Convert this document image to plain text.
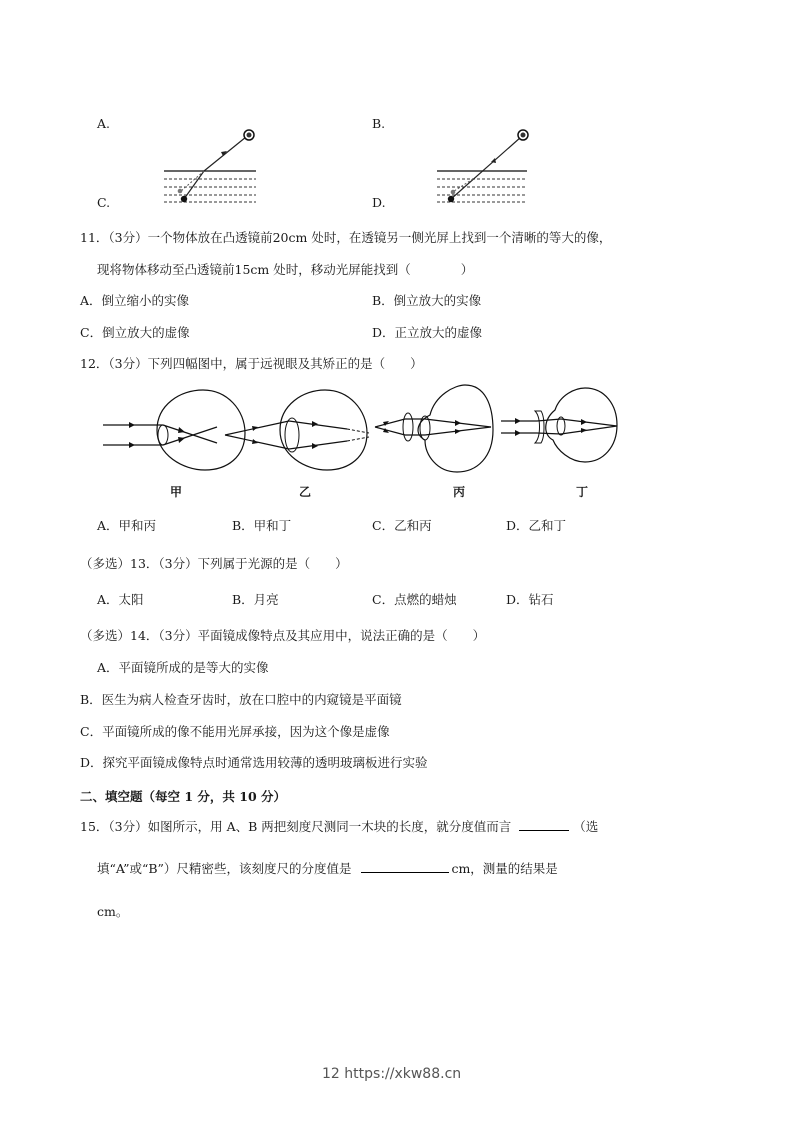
A.	B.
C.	D.
11．（3分）一个物体放在凸透镜前20cm 处时，在透镜另一侧光屏上找到一个清晰的等大的像，
现将物体移动至凸透镜前15cm 处时，移动光屏能找到（　　　　）
A．倒立缩小的实像	B．倒立放大的实像
C．倒立放大的虚像	D．正立放大的虚像
12．（3分）下列四幅图中，属于远视眼及其矫正的是（　　）
甲	乙	丙	丁
A．甲和丙	B．甲和丁	C．乙和丙	D．乙和丁
（多选）13．（3分）下列属于光源的是（　　）
A．太阳	B．月亮	C．点燃的蜡烛	D．钻石
（多选）14．（3分）平面镜成像特点及其应用中，说法正确的是（　　）
A．平面镜所成的是等大的实像
B．医生为病人检查牙齿时，放在口腔中的内窥镜是平面镜
C．平面镜所成的像不能用光屏承接，因为这个像是虚像
D．探究平面镜成像特点时通常选用较薄的透明玻璃板进行实验
二、填空题（每空 1 分，共 10 分）
15．（3分）如图所示，用 A、B 两把刻度尺测同一木块的长度，就分度值而言	（选
填“A”或“B”）尺精密些，该刻度尺的分度值是	cm，测量的结果是
cm。
12 https://xkw88.cn
